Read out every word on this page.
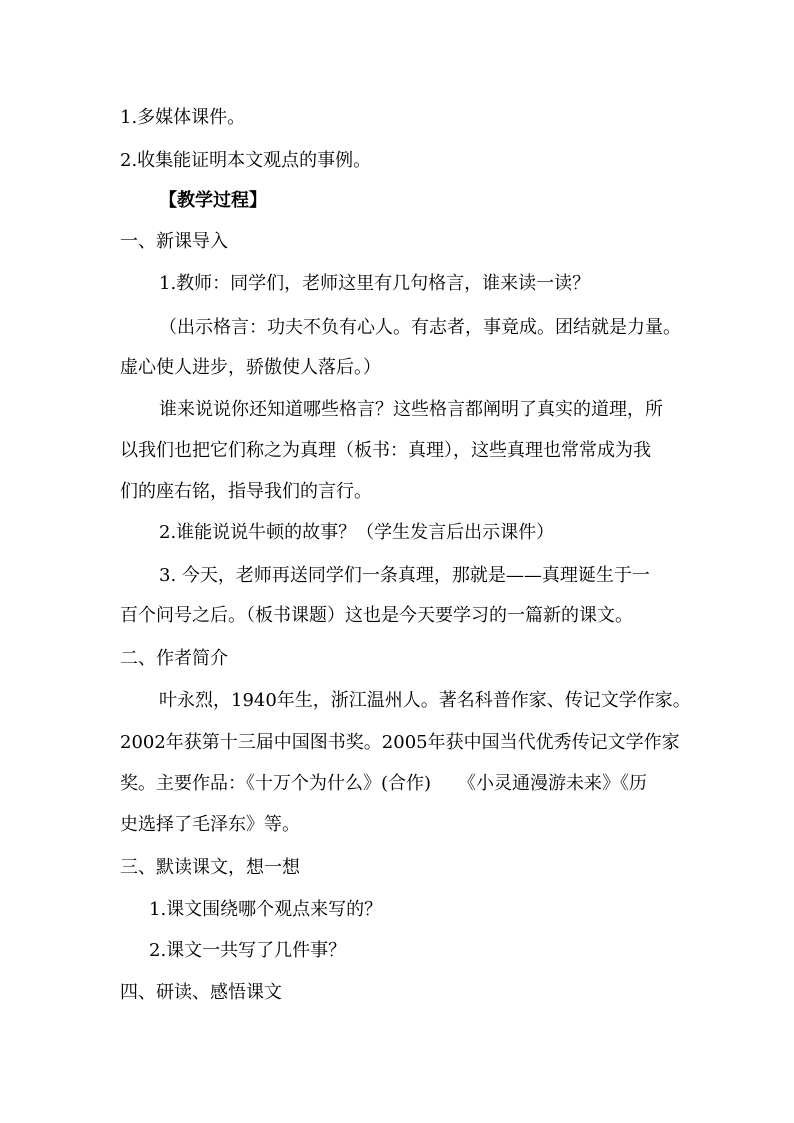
1.多媒体课件。
2.收集能证明本文观点的事例。
【教学过程】
一、新课导入
1.教师：同学们，老师这里有几句格言，谁来读一读？
（出示格言：功夫不负有心人。有志者，事竟成。团结就是力量。
虚心使人进步，骄傲使人落后。）
谁来说说你还知道哪些格言？这些格言都阐明了真实的道理，所
以我们也把它们称之为真理（板书：真理），这些真理也常常成为我
们的座右铭，指导我们的言行。
2.谁能说说牛顿的故事？（学生发言后出示课件）
3. 今天，老师再送同学们一条真理，那就是——真理诞生于一
百个问号之后。（板书课题）这也是今天要学习的一篇新的课文。
二、作者简介
叶永烈，1940年生，浙江温州人。著名科普作家、传记文学作家。
2002年获第十三届中国图书奖。2005年获中国当代优秀传记文学作家
奖。主要作品：《十万个为什么》(合作)　　《小灵通漫游未来》《历
史选择了毛泽东》等。
三、默读课文，想一想
1.课文围绕哪个观点来写的？
2.课文一共写了几件事？
四、研读、感悟课文
